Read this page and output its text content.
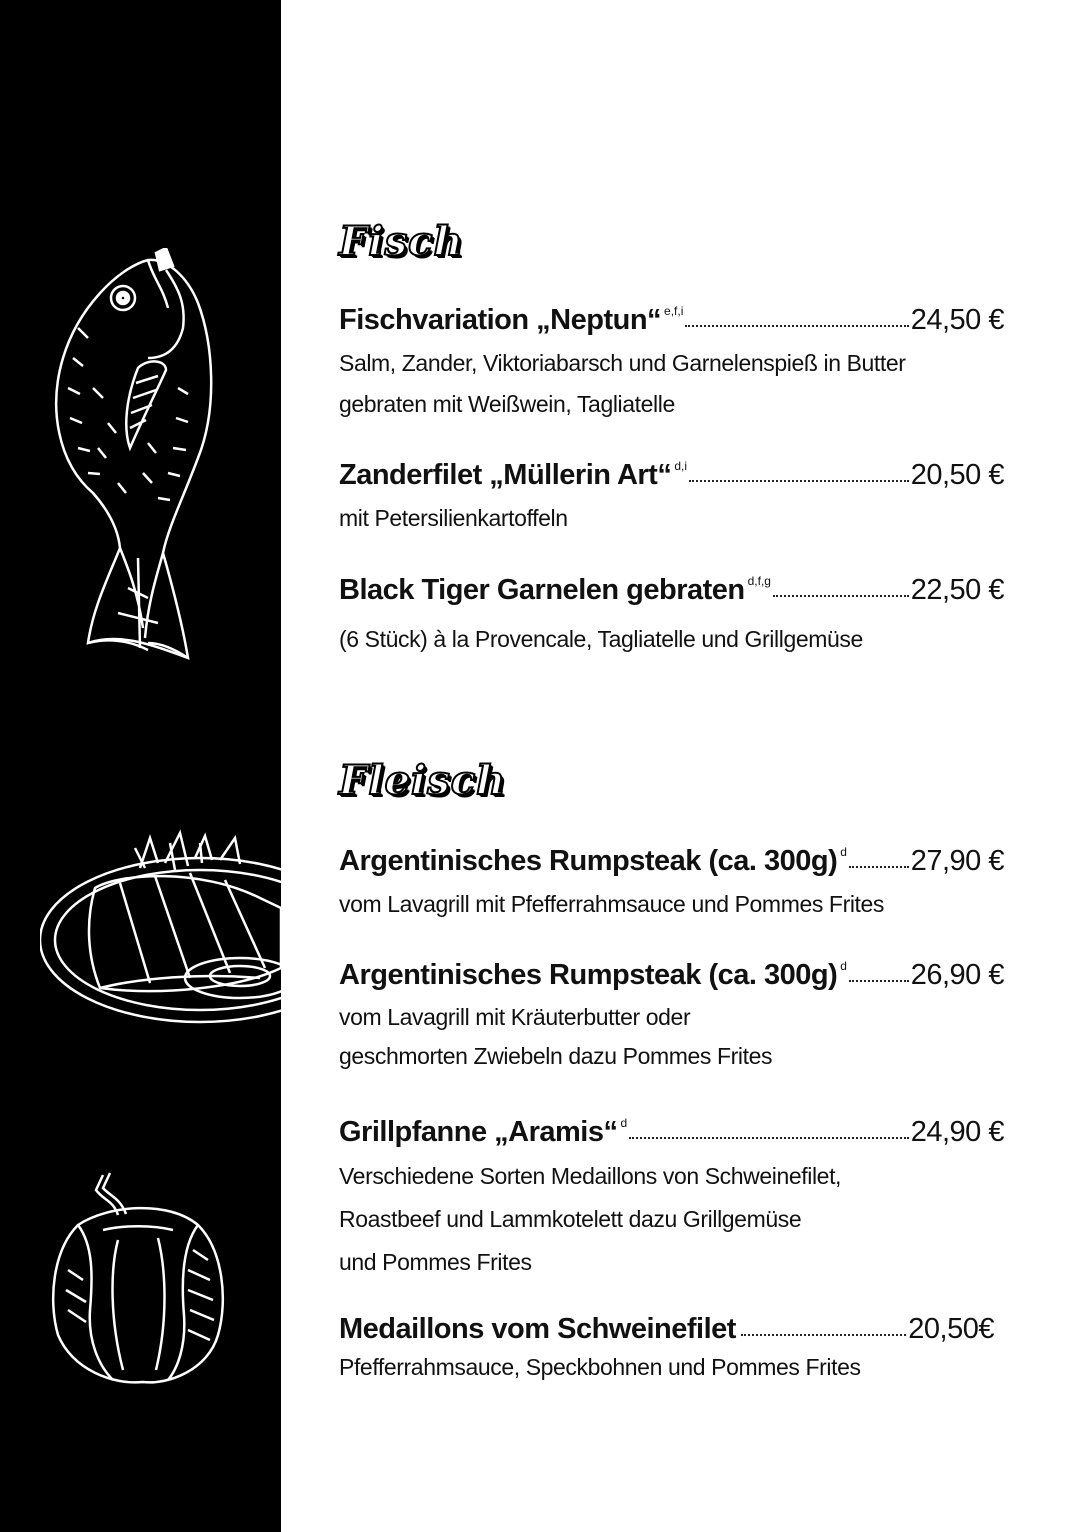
Fisch
Fischvariation „Neptun“ e,f,i	24,50 €
Salm, Zander, Viktoriabarsch und Garnelenspieß in Butter
gebraten mit Weißwein, Tagliatelle
Zanderfilet „Müllerin Art“ d,i	20,50 €
mit Petersilienkartoffeln
Black Tiger Garnelen gebraten d,f,g	22,50 €
(6 Stück) à la Provencale, Tagliatelle und Grillgemüse
Fleisch
Argentinisches Rumpsteak (ca. 300g) d 27,90 €
vom Lavagrill mit Pfefferrahmsauce und Pommes Frites
Argentinisches Rumpsteak (ca. 300g) d 26,90 €
vom Lavagrill mit Kräuterbutter oder
geschmorten Zwiebeln dazu Pommes Frites
Grillpfanne „Aramis“ d	24,90 €
Verschiedene Sorten Medaillons von Schweinefilet,
Roastbeef und Lammkotelett dazu Grillgemüse
und Pommes Frites
Medaillons vom Schweinefilet	20,50€
Pfefferrahmsauce, Speckbohnen und Pommes Frites
